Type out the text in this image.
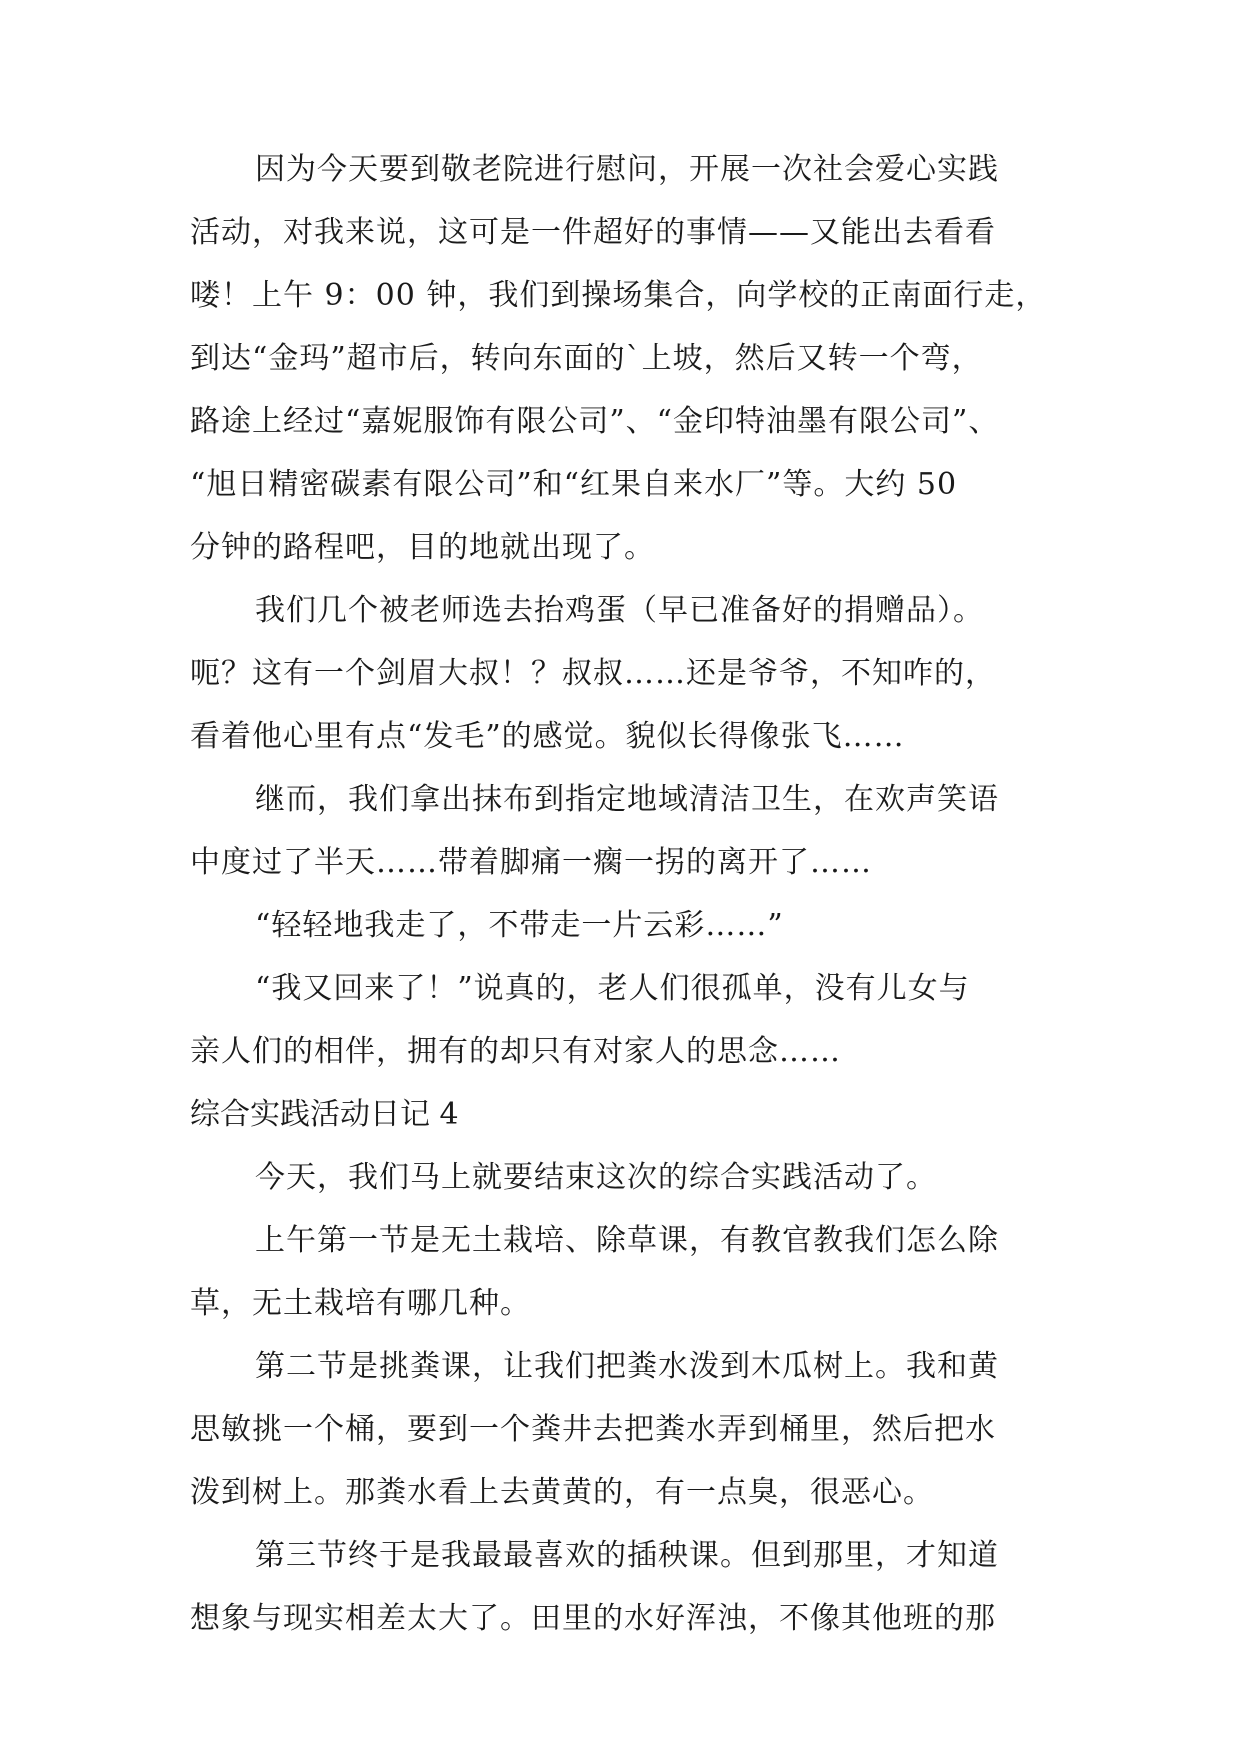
因为今天要到敬老院进行慰问，开展一次社会爱心实践
活动，对我来说，这可是一件超好的事情——又能出去看看
喽！上午 9：00 钟，我们到操场集合，向学校的正南面行走，
到达“金玛”超市后，转向东面的`上坡，然后又转一个弯，
路途上经过“嘉妮服饰有限公司”、“金印特油墨有限公司”、
“旭日精密碳素有限公司”和“红果自来水厂”等。大约 50
分钟的路程吧，目的地就出现了。
我们几个被老师选去抬鸡蛋（早已准备好的捐赠品）。
呃？这有一个剑眉大叔！？叔叔……还是爷爷，不知咋的，
看着他心里有点“发毛”的感觉。貌似长得像张飞……
继而，我们拿出抹布到指定地域清洁卫生，在欢声笑语
中度过了半天……带着脚痛一瘸一拐的离开了……
“轻轻地我走了，不带走一片云彩……”
“我又回来了！”说真的，老人们很孤单，没有儿女与
亲人们的相伴，拥有的却只有对家人的思念……
综合实践活动日记 4
今天，我们马上就要结束这次的综合实践活动了。
上午第一节是无土栽培、除草课，有教官教我们怎么除
草，无土栽培有哪几种。
第二节是挑粪课，让我们把粪水泼到木瓜树上。我和黄
思敏挑一个桶，要到一个粪井去把粪水弄到桶里，然后把水
泼到树上。那粪水看上去黄黄的，有一点臭，很恶心。
第三节终于是我最最喜欢的插秧课。但到那里，才知道
想象与现实相差太大了。田里的水好浑浊，不像其他班的那
